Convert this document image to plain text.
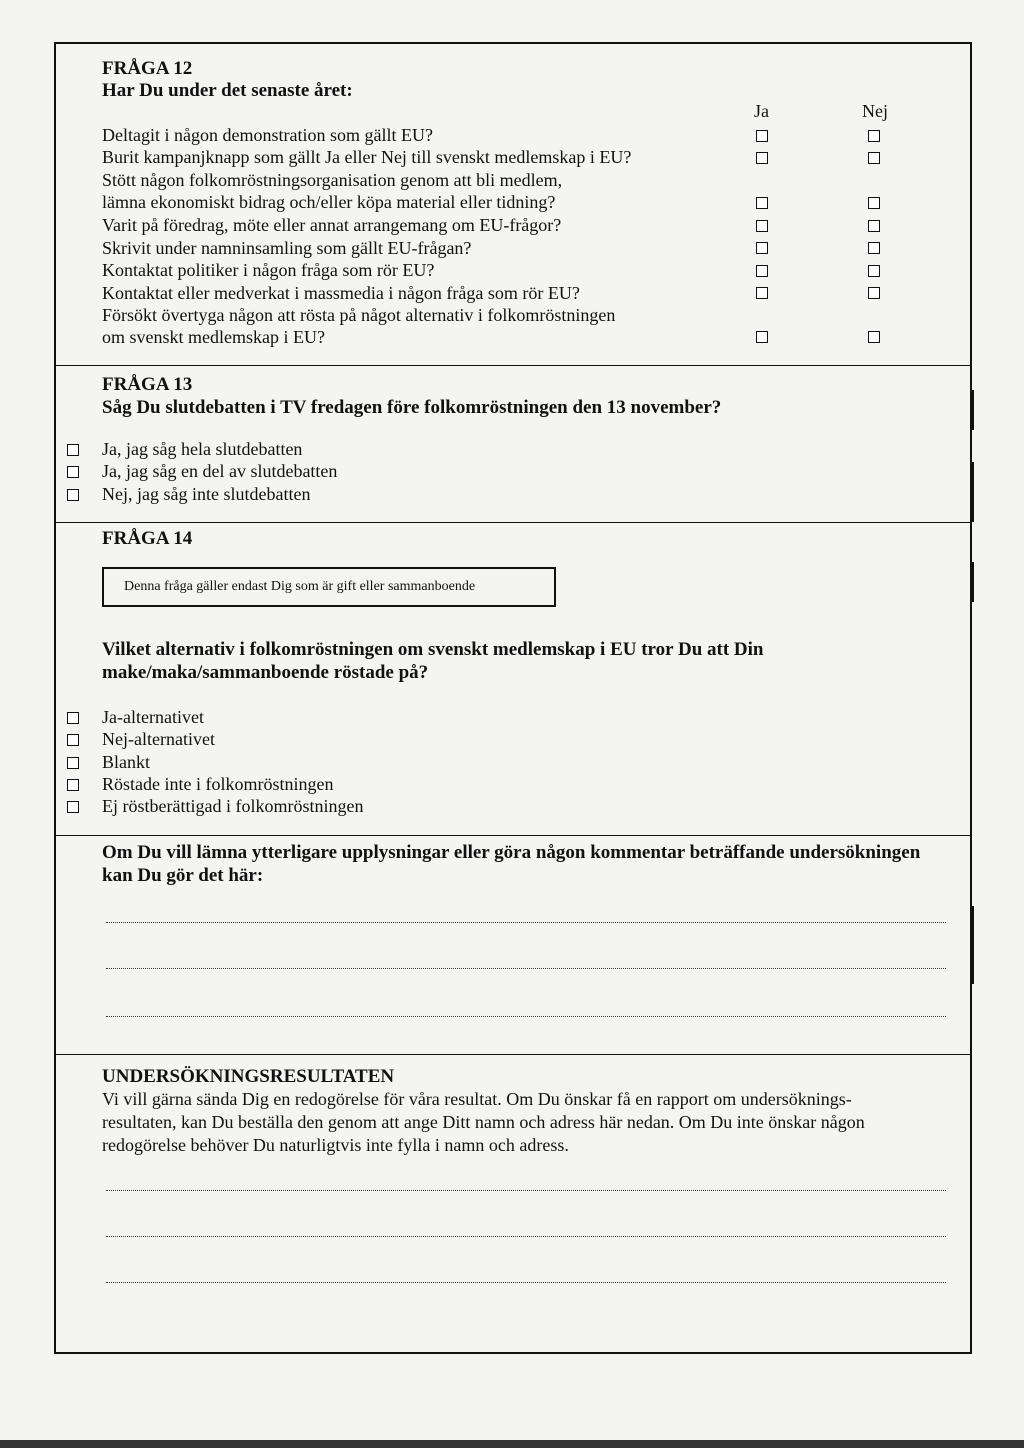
FRÅGA 12
Har Du under det senaste året:
Ja	Nej
Deltagit i någon demonstration som gällt EU?
Burit kampanjknapp som gällt Ja eller Nej till svenskt medlemskap i EU?
Stött någon folkomröstningsorganisation genom att bli medlem,
lämna ekonomiskt bidrag och/eller köpa material eller tidning?
Varit på föredrag, möte eller annat arrangemang om EU-frågor?
Skrivit under namninsamling som gällt EU-frågan?
Kontaktat politiker i någon fråga som rör EU?
Kontaktat eller medverkat i massmedia i någon fråga som rör EU?
Försökt övertyga någon att rösta på något alternativ i folkomröstningen
om svenskt medlemskap i EU?
FRÅGA 13
Såg Du slutdebatten i TV fredagen före folkomröstningen den 13 november?
Ja, jag såg hela slutdebatten
Ja, jag såg en del av slutdebatten
Nej, jag såg inte slutdebatten
FRÅGA 14
Denna fråga gäller endast Dig som är gift eller sammanboende
Vilket alternativ i folkomröstningen om svenskt medlemskap i EU tror Du att Din
make/maka/sammanboende röstade på?
Ja-alternativet
Nej-alternativet
Blankt
Röstade inte i folkomröstningen
Ej röstberättigad i folkomröstningen
Om Du vill lämna ytterligare upplysningar eller göra någon kommentar beträffande undersökningen
kan Du gör det här:
UNDERSÖKNINGSRESULTATEN
Vi vill gärna sända Dig en redogörelse för våra resultat. Om Du önskar få en rapport om undersöknings-
resultaten, kan Du beställa den genom att ange Ditt namn och adress här nedan. Om Du inte önskar någon
redogörelse behöver Du naturligtvis inte fylla i namn och adress.
